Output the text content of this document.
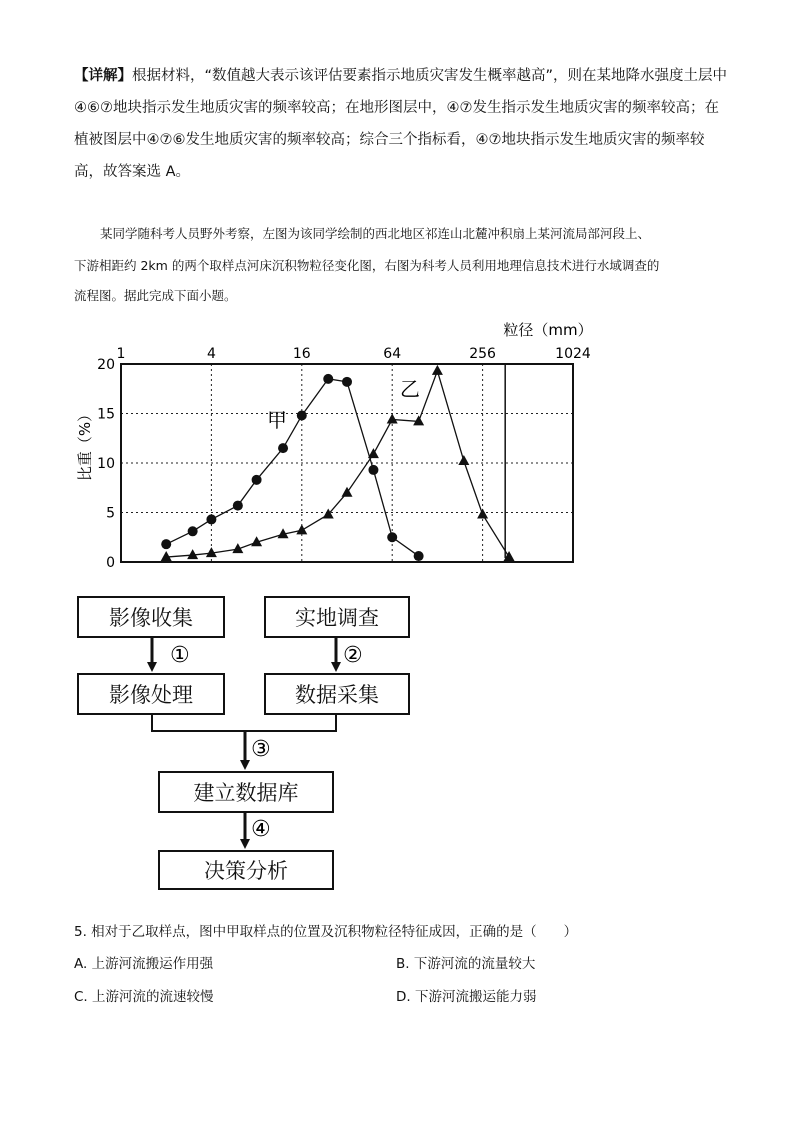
【详解】根据材料，“数值越大表示该评估要素指示地质灾害发生概率越高”，则在某地降水强度土层中
④⑥⑦地块指示发生地质灾害的频率较高；在地形图层中，④⑦发生指示发生地质灾害的频率较高；在
植被图层中④⑦⑥发生地质灾害的频率较高；综合三个指标看，④⑦地块指示发生地质灾害的频率较
高，故答案选 A。
某同学随科考人员野外考察，左图为该同学绘制的西北地区祁连山北麓冲积扇上某河流局部河段上、
下游相距约 2km 的两个取样点河床沉积物粒径变化图，右图为科考人员利用地理信息技术进行水域调查的
流程图。据此完成下面小题。
0
5
10
15
20
1	4	16	64	256	1024
粒径（mm）
比重（%）	甲
乙
影像收集	实地调查
影像处理	数据采集
建立数据库
决策分析
①	②
③
④
5. 相对于乙取样点，图中甲取样点的位置及沉积物粒径特征成因，正确的是（　　）
A. 上游河流搬运作用强	B. 下游河流的流量较大
C. 上游河流的流速较慢	D. 下游河流搬运能力弱
